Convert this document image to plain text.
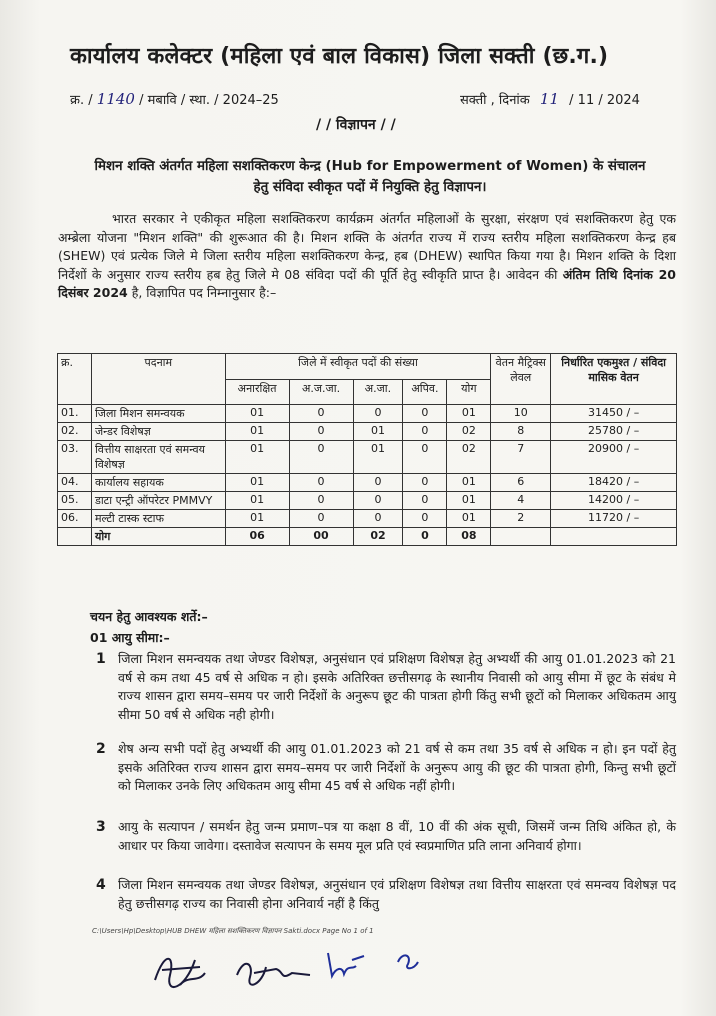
कार्यालय कलेक्टर (महिला एवं बाल विकास) जिला सक्ती (छ.ग.)
क्र. / 1140 / मबावि / स्था. / 2024–25	सक्ती , दिनांक 11 / 11 / 2024
/ / विज्ञापन / /
मिशन शक्ति अंतर्गत महिला सशक्तिकरण केन्द्र (Hub for Empowerment of Women) के संचालन
हेतु संविदा स्वीकृत पदों में नियुक्ति हेतु विज्ञापन।
भारत सरकार ने एकीकृत महिला सशक्तिकरण कार्यक्रम अंतर्गत महिलाओं के सुरक्षा, संरक्षण एवं सशक्तिकरण हेतु एक अम्ब्रेला योजना "मिशन शक्ति" की शुरूआत की है। मिशन शक्ति के अंतर्गत राज्य में राज्य स्तरीय महिला सशक्तिकरण केन्द्र हब (SHEW) एवं प्रत्येक जिले मे जिला स्तरीय महिला सशक्तिकरण केन्द्र, हब (DHEW) स्थापित किया गया है। मिशन शक्ति के दिशा निर्देशों के अनुसार राज्य स्तरीय हब हेतु जिले मे 08 संविदा पदों की पूर्ति हेतु स्वीकृति प्राप्त है। आवेदन की अंतिम तिथि दिनांक 20 दिसंबर 2024 है, विज्ञापित पद निम्नानुसार है:–
क्र.	पदनाम	जिले में स्वीकृत पदों की संख्या					वेतन मैट्रिक्स लेवल	निर्धारित एकमुश्त / संविदा मासिक वेतन
		अनारक्षित	अ.ज.जा.	अ.जा.	अपिव.	योग		
01.	जिला मिशन समन्वयक	01	0	0	0	01	10	31450 / –
02.	जेन्डर विशेषज्ञ	01	0	01	0	02	8	25780 / –
03.	वित्तीय साक्षरता एवं समन्वय विशेषज्ञ	01	0	01	0	02	7	20900 / –
04.	कार्यालय सहायक	01	0	0	0	01	6	18420 / –
05.	डाटा एन्ट्री ऑपरेटर PMMVY	01	0	0	0	01	4	14200 / –
06.	मल्टी टास्क स्टाफ	01	0	0	0	01	2	11720 / –
	योग	06	00	02	0	08		
चयन हेतु आवश्यक शर्ते:–
01 आयु सीमा:–
1 जिला मिशन समन्वयक तथा जेण्डर विशेषज्ञ, अनुसंधान एवं प्रशिक्षण विशेषज्ञ हेतु अभ्यर्थी की आयु 01.01.2023 को 21 वर्ष से कम तथा 45 वर्ष से अधिक न हो। इसके अतिरिक्त छत्तीसगढ़ के स्थानीय निवासी को आयु सीमा में छूट के संबंध मे राज्य शासन द्वारा समय–समय पर जारी निर्देशों के अनुरूप छूट की पात्रता होगी किंतु सभी छूटों को मिलाकर अधिकतम आयु सीमा 50 वर्ष से अधिक नही होगी।
2 शेष अन्य सभी पदों हेतु अभ्यर्थी की आयु 01.01.2023 को 21 वर्ष से कम तथा 35 वर्ष से अधिक न हो। इन पदों हेतु इसके अतिरिक्त राज्य शासन द्वारा समय–समय पर जारी निर्देशों के अनुरूप आयु की छूट की पात्रता होगी, किन्तु सभी छूटों को मिलाकर उनके लिए अधिकतम आयु सीमा 45 वर्ष से अधिक नहीं होगी।
3 आयु के सत्यापन / समर्थन हेतु जन्म प्रमाण–पत्र या कक्षा 8 वीं, 10 वीं की अंक सूची, जिसमें जन्म तिथि अंकित हो, के आधार पर किया जावेगा। दस्तावेज सत्यापन के समय मूल प्रति एवं स्वप्रमाणित प्रति लाना अनिवार्य होगा।
4 जिला मिशन समन्वयक तथा जेण्डर विशेषज्ञ, अनुसंधान एवं प्रशिक्षण विशेषज्ञ तथा वित्तीय साक्षरता एवं समन्वय विशेषज्ञ पद हेतु छत्तीसगढ़ राज्य का निवासी होना अनिवार्य नहीं है किंतु
C:\Users\Hp\Desktop\HUB DHEW महिला सशक्तिकरण विज्ञापन Sakti.docx Page No 1 of 1
